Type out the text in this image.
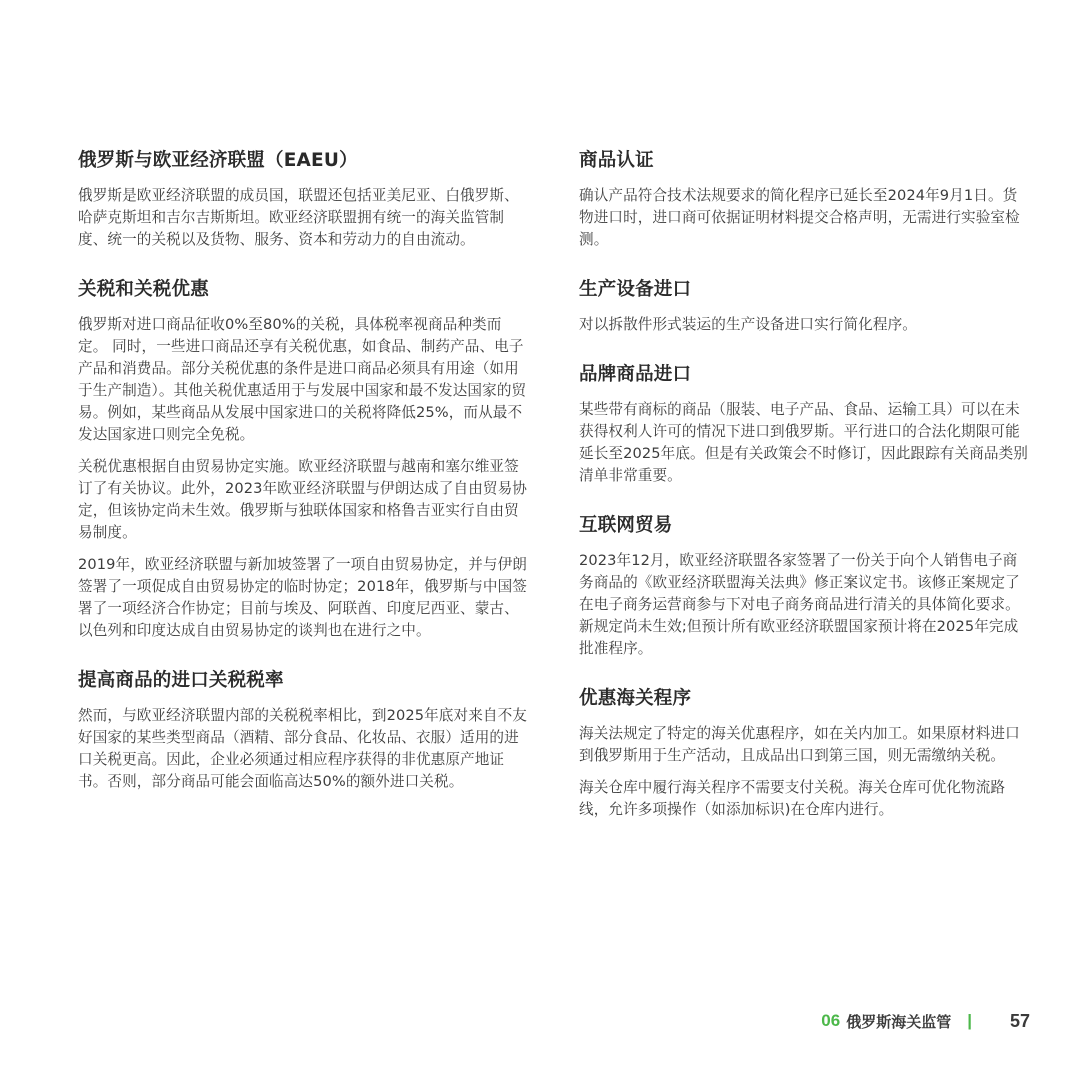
俄罗斯与欧亚经济联盟（EAEU）

俄罗斯是欧亚经济联盟的成员国，联盟还包括亚美尼亚、白俄罗斯、哈萨克斯坦和吉尔吉斯斯坦。欧亚经济联盟拥有统一的海关监管制度、统一的关税以及货物、服务、资本和劳动力的自由流动。

关税和关税优惠

俄罗斯对进口商品征收0%至80%的关税，具体税率视商品种类而定。 同时，一些进口商品还享有关税优惠，如食品、制药产品、电子产品和消费品。部分关税优惠的条件是进口商品必须具有用途（如用于生产制造）。其他关税优惠适用于与发展中国家和最不发达国家的贸易。例如，某些商品从发展中国家进口的关税将降低25%，而从最不发达国家进口则完全免税。

关税优惠根据自由贸易协定实施。欧亚经济联盟与越南和塞尔维亚签订了有关协议。此外，2023年欧亚经济联盟与伊朗达成了自由贸易协定，但该协定尚未生效。俄罗斯与独联体国家和格鲁吉亚实行自由贸易制度。

2019年，欧亚经济联盟与新加坡签署了一项自由贸易协定，并与伊朗签署了一项促成自由贸易协定的临时协定；2018年，俄罗斯与中国签署了一项经济合作协定；目前与埃及、阿联酋、印度尼西亚、蒙古、以色列和印度达成自由贸易协定的谈判也在进行之中。

提高商品的进口关税税率

然而，与欧亚经济联盟内部的关税税率相比，到2025年底对来自不友好国家的某些类型商品（酒精、部分食品、化妆品、衣服）适用的进口关税更高。因此，企业必须通过相应程序获得的非优惠原产地证书。否则，部分商品可能会面临高达50%的额外进口关税。

商品认证

确认产品符合技术法规要求的简化程序已延长至2024年9月1日。货物进口时，进口商可依据证明材料提交合格声明，无需进行实验室检测。

生产设备进口

对以拆散件形式装运的生产设备进口实行简化程序。

品牌商品进口

某些带有商标的商品（服装、电子产品、食品、运输工具）可以在未获得权利人许可的情况下进口到俄罗斯。平行进口的合法化期限可能延长至2025年底。但是有关政策会不时修订，因此跟踪有关商品类别清单非常重要。

互联网贸易

2023年12月，欧亚经济联盟各家签署了一份关于向个人销售电子商务商品的《欧亚经济联盟海关法典》修正案议定书。该修正案规定了在电子商务运营商参与下对电子商务商品进行清关的具体简化要求。新规定尚未生效;但预计所有欧亚经济联盟国家预计将在2025年完成批准程序。

优惠海关程序

海关法规定了特定的海关优惠程序，如在关内加工。如果原材料进口到俄罗斯用于生产活动，且成品出口到第三国，则无需缴纳关税。

海关仓库中履行海关程序不需要支付关税。海关仓库可优化物流路线，允许多项操作（如添加标识)在仓库内进行。

06 俄罗斯海关监管 | 57
